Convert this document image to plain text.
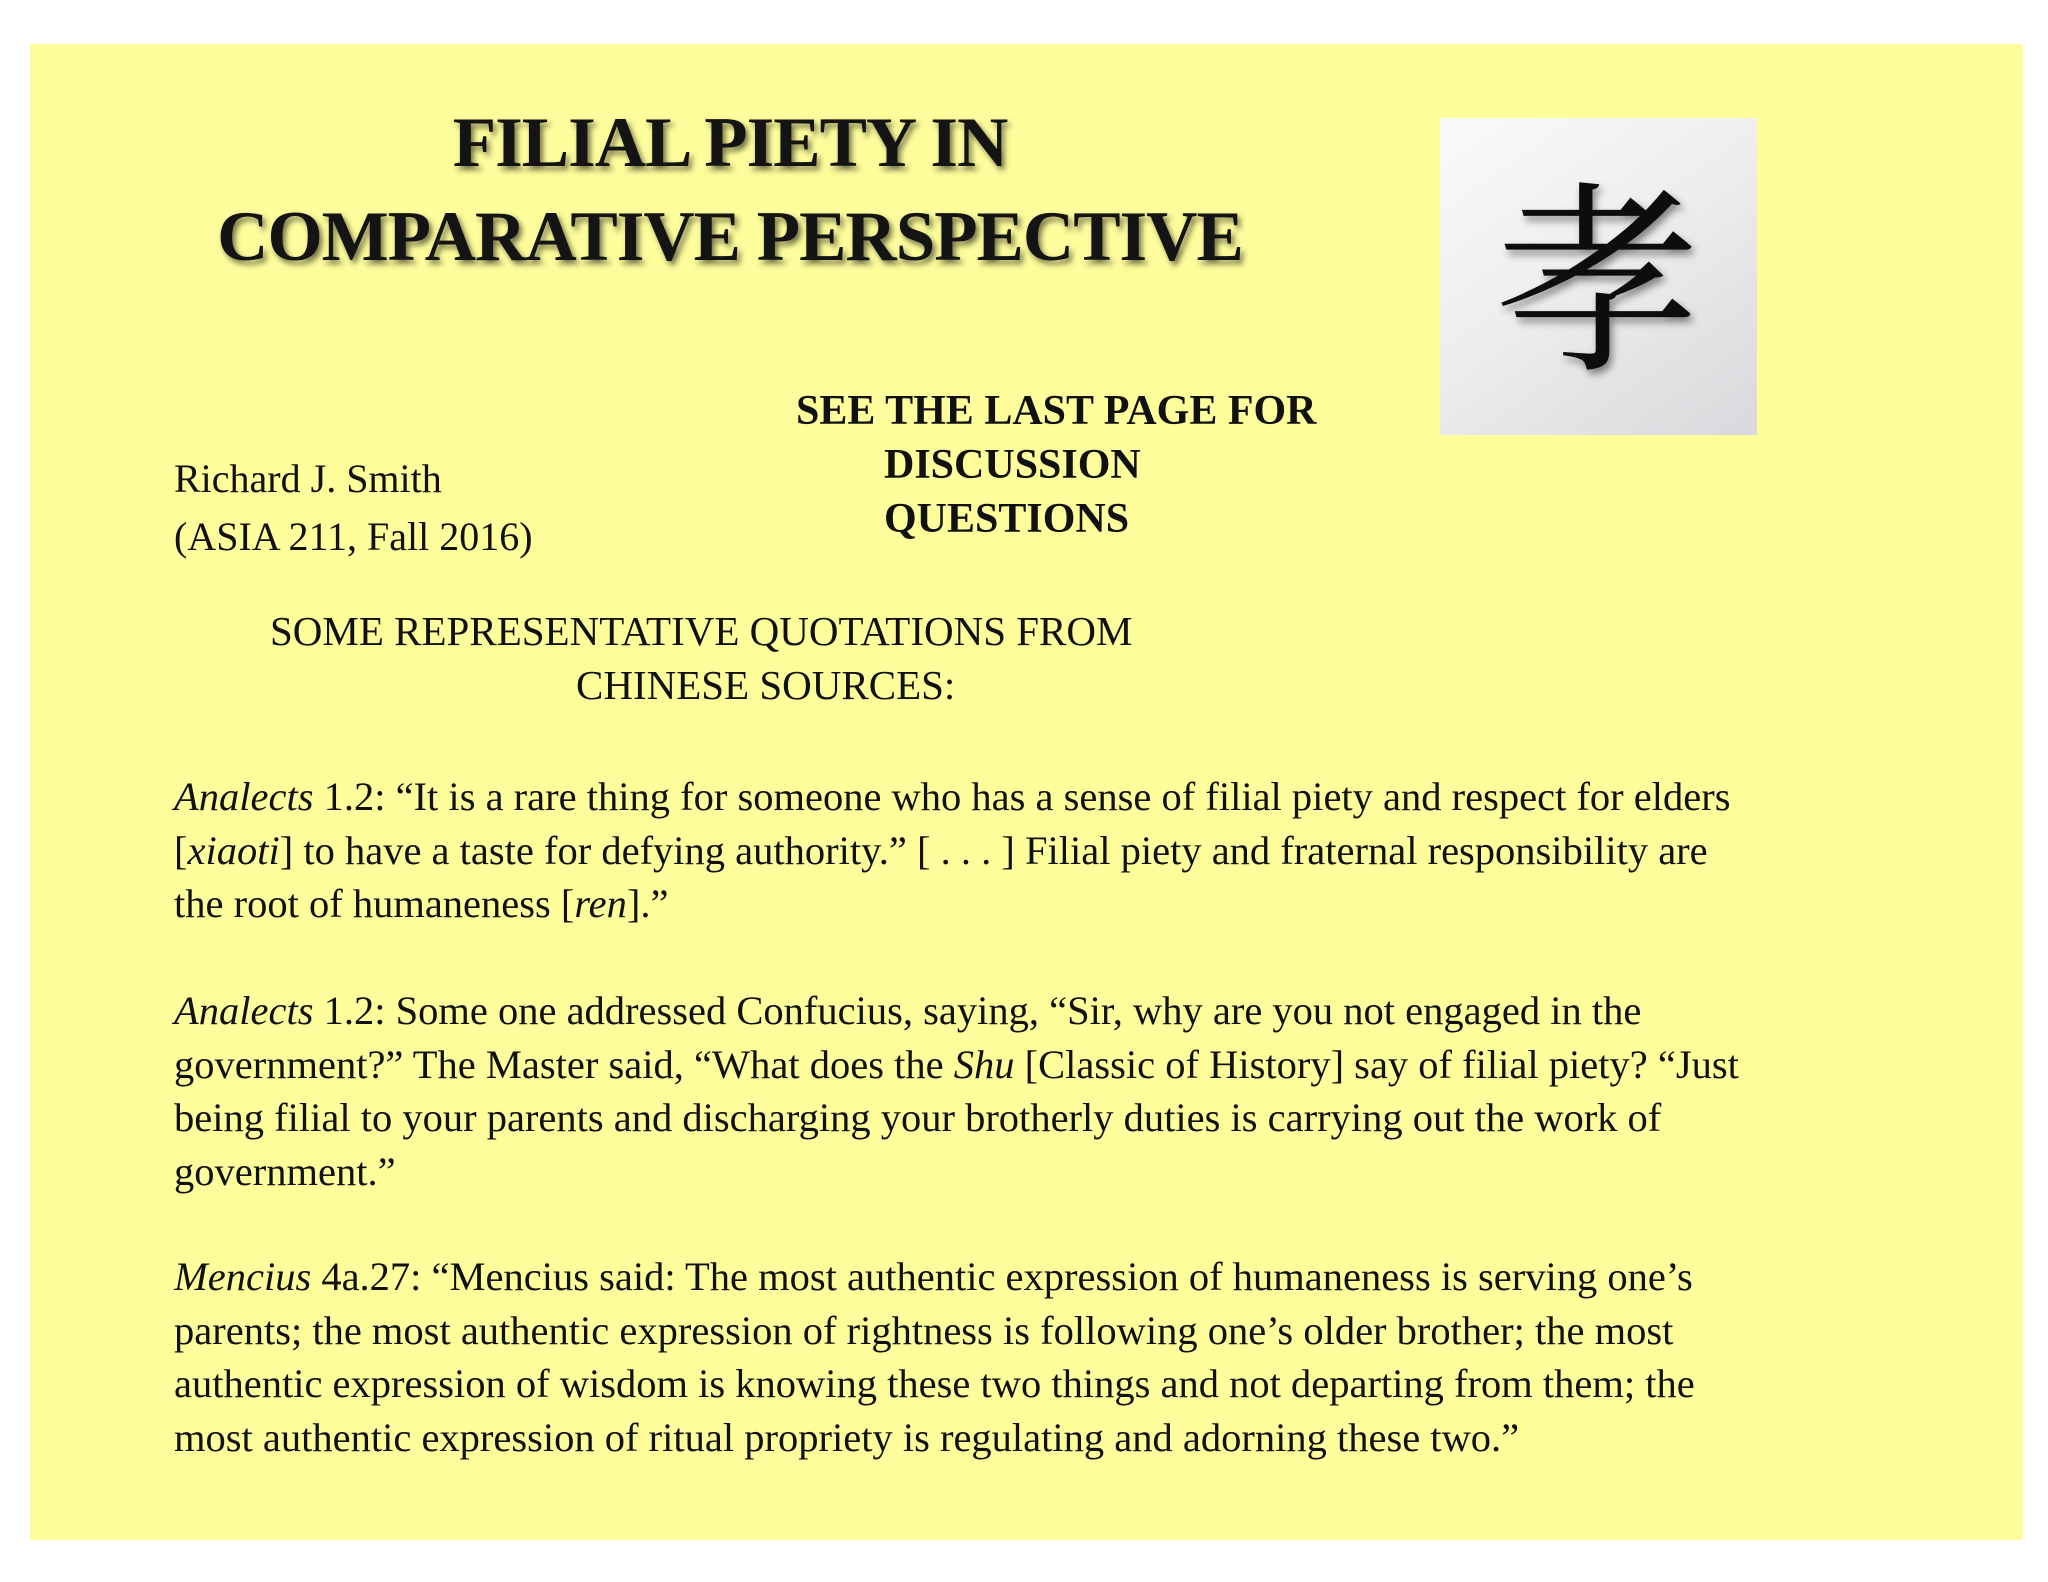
FILIAL PIETY IN
COMPARATIVE PERSPECTIVE	孝
SEE THE LAST PAGE FOR
DISCUSSION
QUESTIONS
Richard J. Smith
(ASIA 211, Fall 2016)
SOME REPRESENTATIVE QUOTATIONS FROM
CHINESE SOURCES:

Analects 1.2: “It is a rare thing for someone who has a sense of filial piety and respect for elders
[xiaoti] to have a taste for defying authority.” [ . . . ] Filial piety and fraternal responsibility are
the root of humaneness [ren].”

Analects 1.2: Some one addressed Confucius, saying, “Sir, why are you not engaged in the
government?” The Master said, “What does the Shu [Classic of History] say of filial piety? “Just
being filial to your parents and discharging your brotherly duties is carrying out the work of
government.”

Mencius 4a.27: “Mencius said: The most authentic expression of humaneness is serving one’s
parents; the most authentic expression of rightness is following one’s older brother; the most
authentic expression of wisdom is knowing these two things and not departing from them; the
most authentic expression of ritual propriety is regulating and adorning these two.”
